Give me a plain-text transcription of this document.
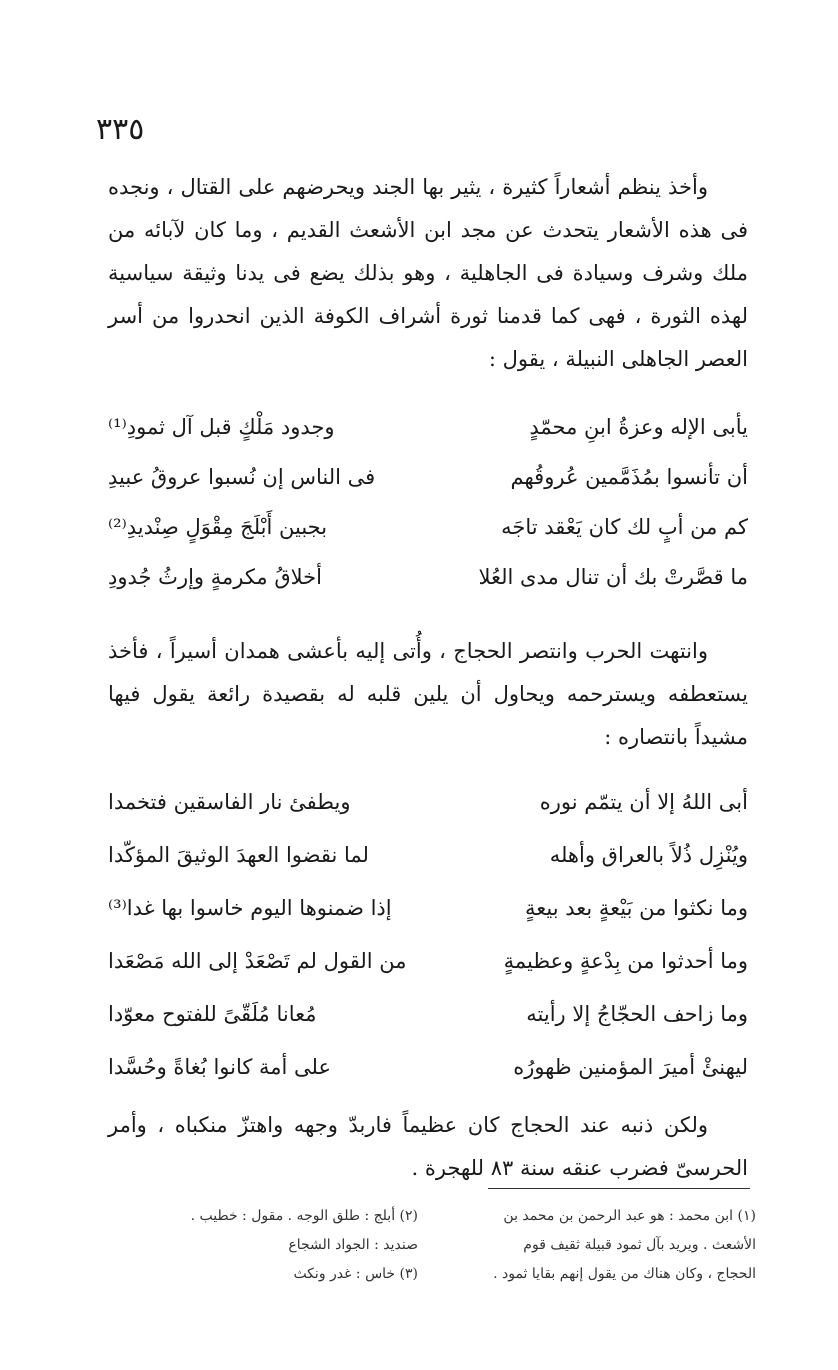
٣٣٥

وأخذ ينظم أشعاراً كثيرة ، يثير بها الجند ويحرضهم على القتال ، ونجده فى هذه الأشعار يتحدث عن مجد ابن الأشعث القديم ، وما كان لآبائه من ملك وشرف وسيادة فى الجاهلية ، وهو بذلك يضع فى يدنا وثيقة سياسية لهذه الثورة ، فهى كما قدمنا ثورة أشراف الكوفة الذين انحدروا من أسر العصر الجاهلى النبيلة ، يقول :

يأبى الإله وعزةُ ابنِ محمّدٍ
وجدود مَلْكٍ قبل آل ثمودِ⁽¹⁾
أن تأنسوا بمُذَمَّمين عُروقُهم
فى الناس إن نُسبوا عروقُ عبيدِ
كم من أبٍ لك كان يَعْقد تاجَه
بجبين أَبْلَجَ مِقْوَلٍ صِنْديدِ⁽²⁾
ما قصَّرتْ بك أن تنال مدى العُلا
أخلاقُ مكرمةٍ وإرثُ جُدودِ

وانتهت الحرب وانتصر الحجاج ، وأُتى إليه بأعشى همدان أسيراً ، فأخذ يستعطفه ويسترحمه ويحاول أن يلين قلبه له بقصيدة رائعة يقول فيها مشيداً بانتصاره :

أبى اللهُ إلا أن يتمّم نوره
ويطفئ نار الفاسقين فتخمدا
ويُنْزِل ذُلاً بالعراق وأهله
لما نقضوا العهدَ الوثيقَ المؤكّدا
وما نكثوا من بَيْعةٍ بعد بيعةٍ
إذا ضمنوها اليوم خاسوا بها غدا⁽³⁾
وما أحدثوا من بِدْعةٍ وعظيمةٍ
من القول لم تَصْعَدْ إلى الله مَصْعَدا
وما زاحف الحجّاجُ إلا رأيته
مُعانا مُلَقّىً للفتوح معوّدا
ليهنئْ أميرَ المؤمنين ظهورُه
على أمة كانوا بُغاةً وحُسَّدا

ولكن ذنبه عند الحجاج كان عظيماً فاربدّ وجهه واهتزّ منكباه ، وأمر الحرسىّ فضرب عنقه سنة ٨٣ للهجرة .

(١) ابن محمد : هو عبد الرحمن بن محمد بن

الأشعث . ويريد بآل ثمود قبيلة ثقيف قوم

الحجاج ، وكان هناك من يقول إنهم بقايا ثمود .

(٢) أبلج : طلق الوجه . مقول : خطيب .

صنديد : الجواد الشجاع

(٣) خاس : غدر ونكث
